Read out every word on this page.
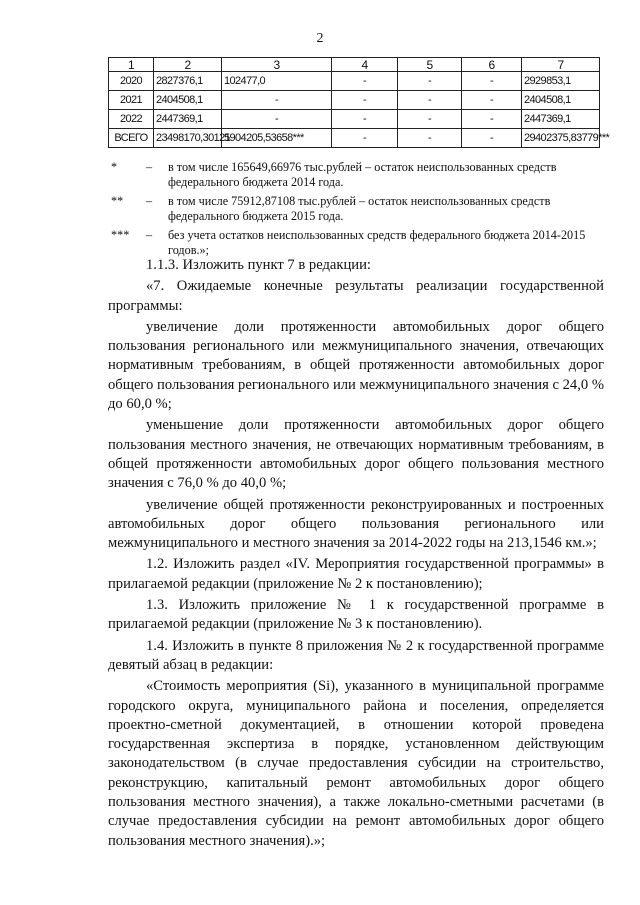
2
1	2	3	4	5	6	7
2020	2827376,1	102477,0	-	-	-	2929853,1
2021	2404508,1	-	-	-	-	2404508,1
2022	2447369,1	-	-	-	-	2447369,1
ВСЕГО	23498170,30121	5904205,53658***	-	-	-	29402375,83779***
* – в том числе 165649,66976 тыс.рублей – остаток неиспользованных средств федерального бюджета 2014 года.
** – в том числе 75912,87108 тыс.рублей – остаток неиспользованных средств федерального бюджета 2015 года.
*** – без учета остатков неиспользованных средств федерального бюджета 2014-2015 годов.»;

1.1.3. Изложить пункт 7 в редакции:

«7. Ожидаемые конечные результаты реализации государственной программы:

увеличение доли протяженности автомобильных дорог общего пользования регионального или межмуниципального значения, отвечающих нормативным требованиям, в общей протяженности автомобильных дорог общего пользования регионального или межмуниципального значения с 24,0 % до 60,0 %;

уменьшение доли протяженности автомобильных дорог общего пользования местного значения, не отвечающих нормативным требованиям, в общей протяженности автомобильных дорог общего пользования местного значения с 76,0 % до 40,0 %;

увеличение общей протяженности реконструированных и построенных автомобильных дорог общего пользования регионального или межмуниципального и местного значения за 2014-2022 годы на 213,1546 км.»;

1.2. Изложить раздел «IV. Мероприятия государственной программы» в прилагаемой редакции (приложение № 2 к постановлению);

1.3. Изложить приложение № 1 к государственной программе в прилагаемой редакции (приложение № 3 к постановлению).

1.4. Изложить в пункте 8 приложения № 2 к государственной программе девятый абзац в редакции:

«Стоимость мероприятия (Si), указанного в муниципальной программе городского округа, муниципального района и поселения, определяется проектно-сметной документацией, в отношении которой проведена государственная экспертиза в порядке, установленном действующим законодательством (в случае предоставления субсидии на строительство, реконструкцию, капитальный ремонт автомобильных дорог общего пользования местного значения), а также локально-сметными расчетами (в случае предоставления субсидии на ремонт автомобильных дорог общего пользования местного значения).»;
